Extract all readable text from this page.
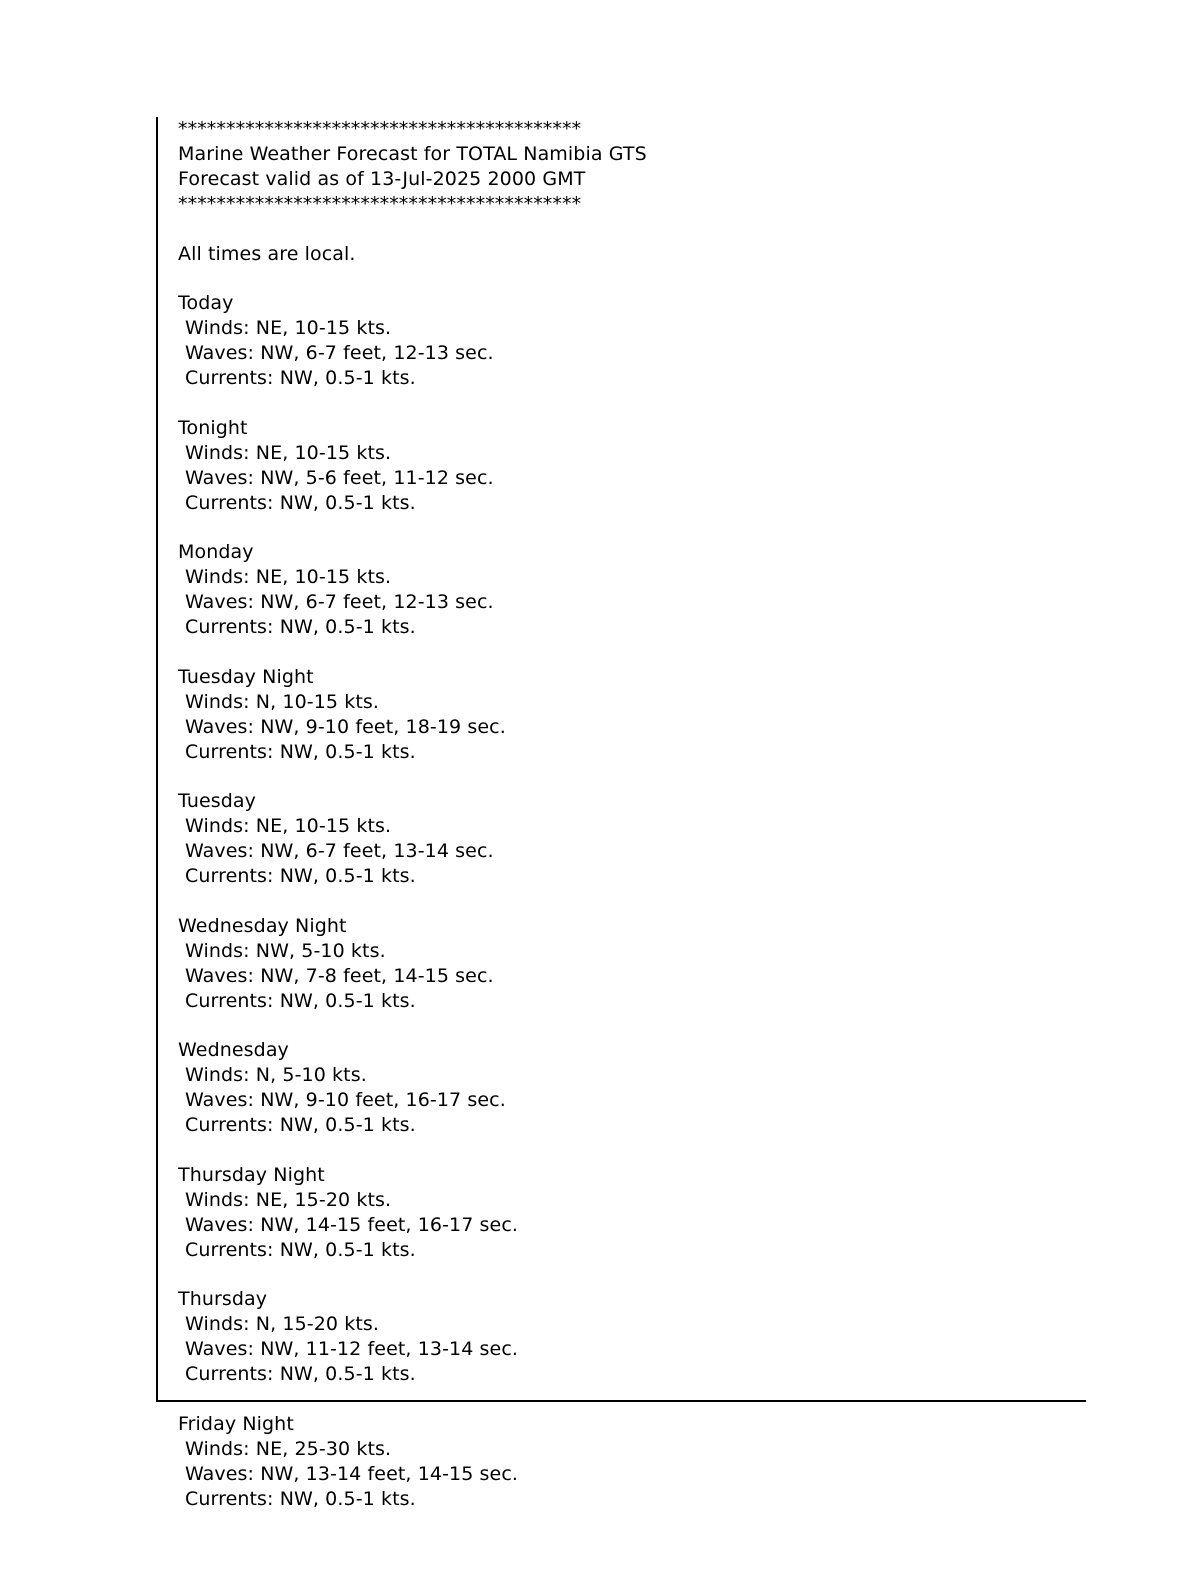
******************************************
Marine Weather Forecast for TOTAL Namibia GTS
Forecast valid as of 13-Jul-2025 2000 GMT
******************************************
All times are local.
Today
Winds: NE, 10-15 kts.
Waves: NW, 6-7 feet, 12-13 sec.
Currents: NW, 0.5-1 kts.
Tonight
Winds: NE, 10-15 kts.
Waves: NW, 5-6 feet, 11-12 sec.
Currents: NW, 0.5-1 kts.
Monday
Winds: NE, 10-15 kts.
Waves: NW, 6-7 feet, 12-13 sec.
Currents: NW, 0.5-1 kts.
Tuesday Night
Winds: N, 10-15 kts.
Waves: NW, 9-10 feet, 18-19 sec.
Currents: NW, 0.5-1 kts.
Tuesday
Winds: NE, 10-15 kts.
Waves: NW, 6-7 feet, 13-14 sec.
Currents: NW, 0.5-1 kts.
Wednesday Night
Winds: NW, 5-10 kts.
Waves: NW, 7-8 feet, 14-15 sec.
Currents: NW, 0.5-1 kts.
Wednesday
Winds: N, 5-10 kts.
Waves: NW, 9-10 feet, 16-17 sec.
Currents: NW, 0.5-1 kts.
Thursday Night
Winds: NE, 15-20 kts.
Waves: NW, 14-15 feet, 16-17 sec.
Currents: NW, 0.5-1 kts.
Thursday
Winds: N, 15-20 kts.
Waves: NW, 11-12 feet, 13-14 sec.
Currents: NW, 0.5-1 kts.
Friday Night
Winds: NE, 25-30 kts.
Waves: NW, 13-14 feet, 14-15 sec.
Currents: NW, 0.5-1 kts.
